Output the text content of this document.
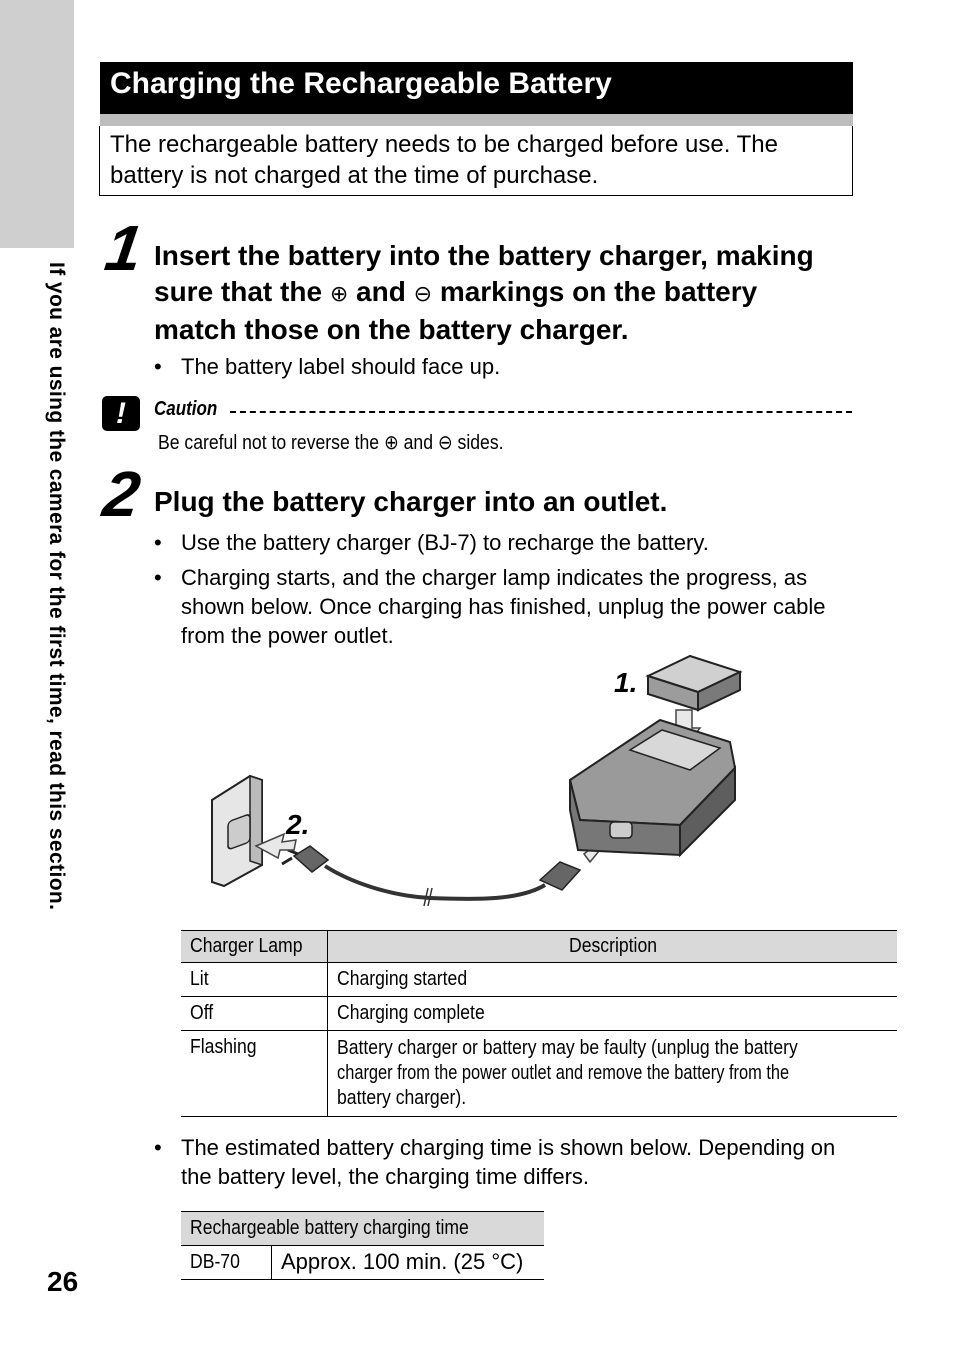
If you are using the camera for the first time, read this section.
26
Charging the Rechargeable Battery
The rechargeable battery needs to be charged before use. The
battery is not charged at the time of purchase.
1 Insert the battery into the battery charger, making
sure that the ⊕ and ⊖ markings on the battery
match those on the battery charger.
• The battery label should face up.
!	Caution
Be careful not to reverse the ⊕ and ⊖ sides.
2 Plug the battery charger into an outlet.
• Use the battery charger (BJ-7) to recharge the battery.
• Charging starts, and the charger lamp indicates the progress, as shown below. Once charging has finished, unplug the power cable from the power outlet.
1.
2.
Charger Lamp	Description
Lit	Charging started
Off	Charging complete
Flashing	Battery charger or battery may be faulty (unplug the battery
charger from the power outlet and remove the battery from the
battery charger).
• The estimated battery charging time is shown below. Depending on the battery level, the charging time differs.
Rechargeable battery charging time
DB-70	Approx. 100 min. (25 °C)
